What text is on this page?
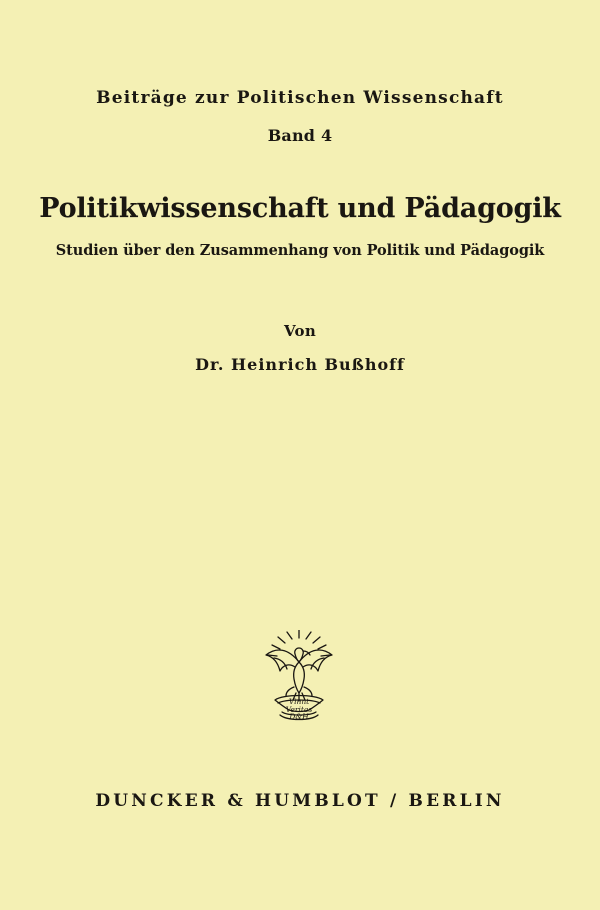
Beiträge zur Politischen Wissenschaft
Band 4
Politikwissenschaft und Pädagogik
Studien über den Zusammenhang von Politik und Pädagogik
Von
Dr. Heinrich Bußhoff
Vinnt
Veritas
D&H
DUNCKER & HUMBLOT / BERLIN
